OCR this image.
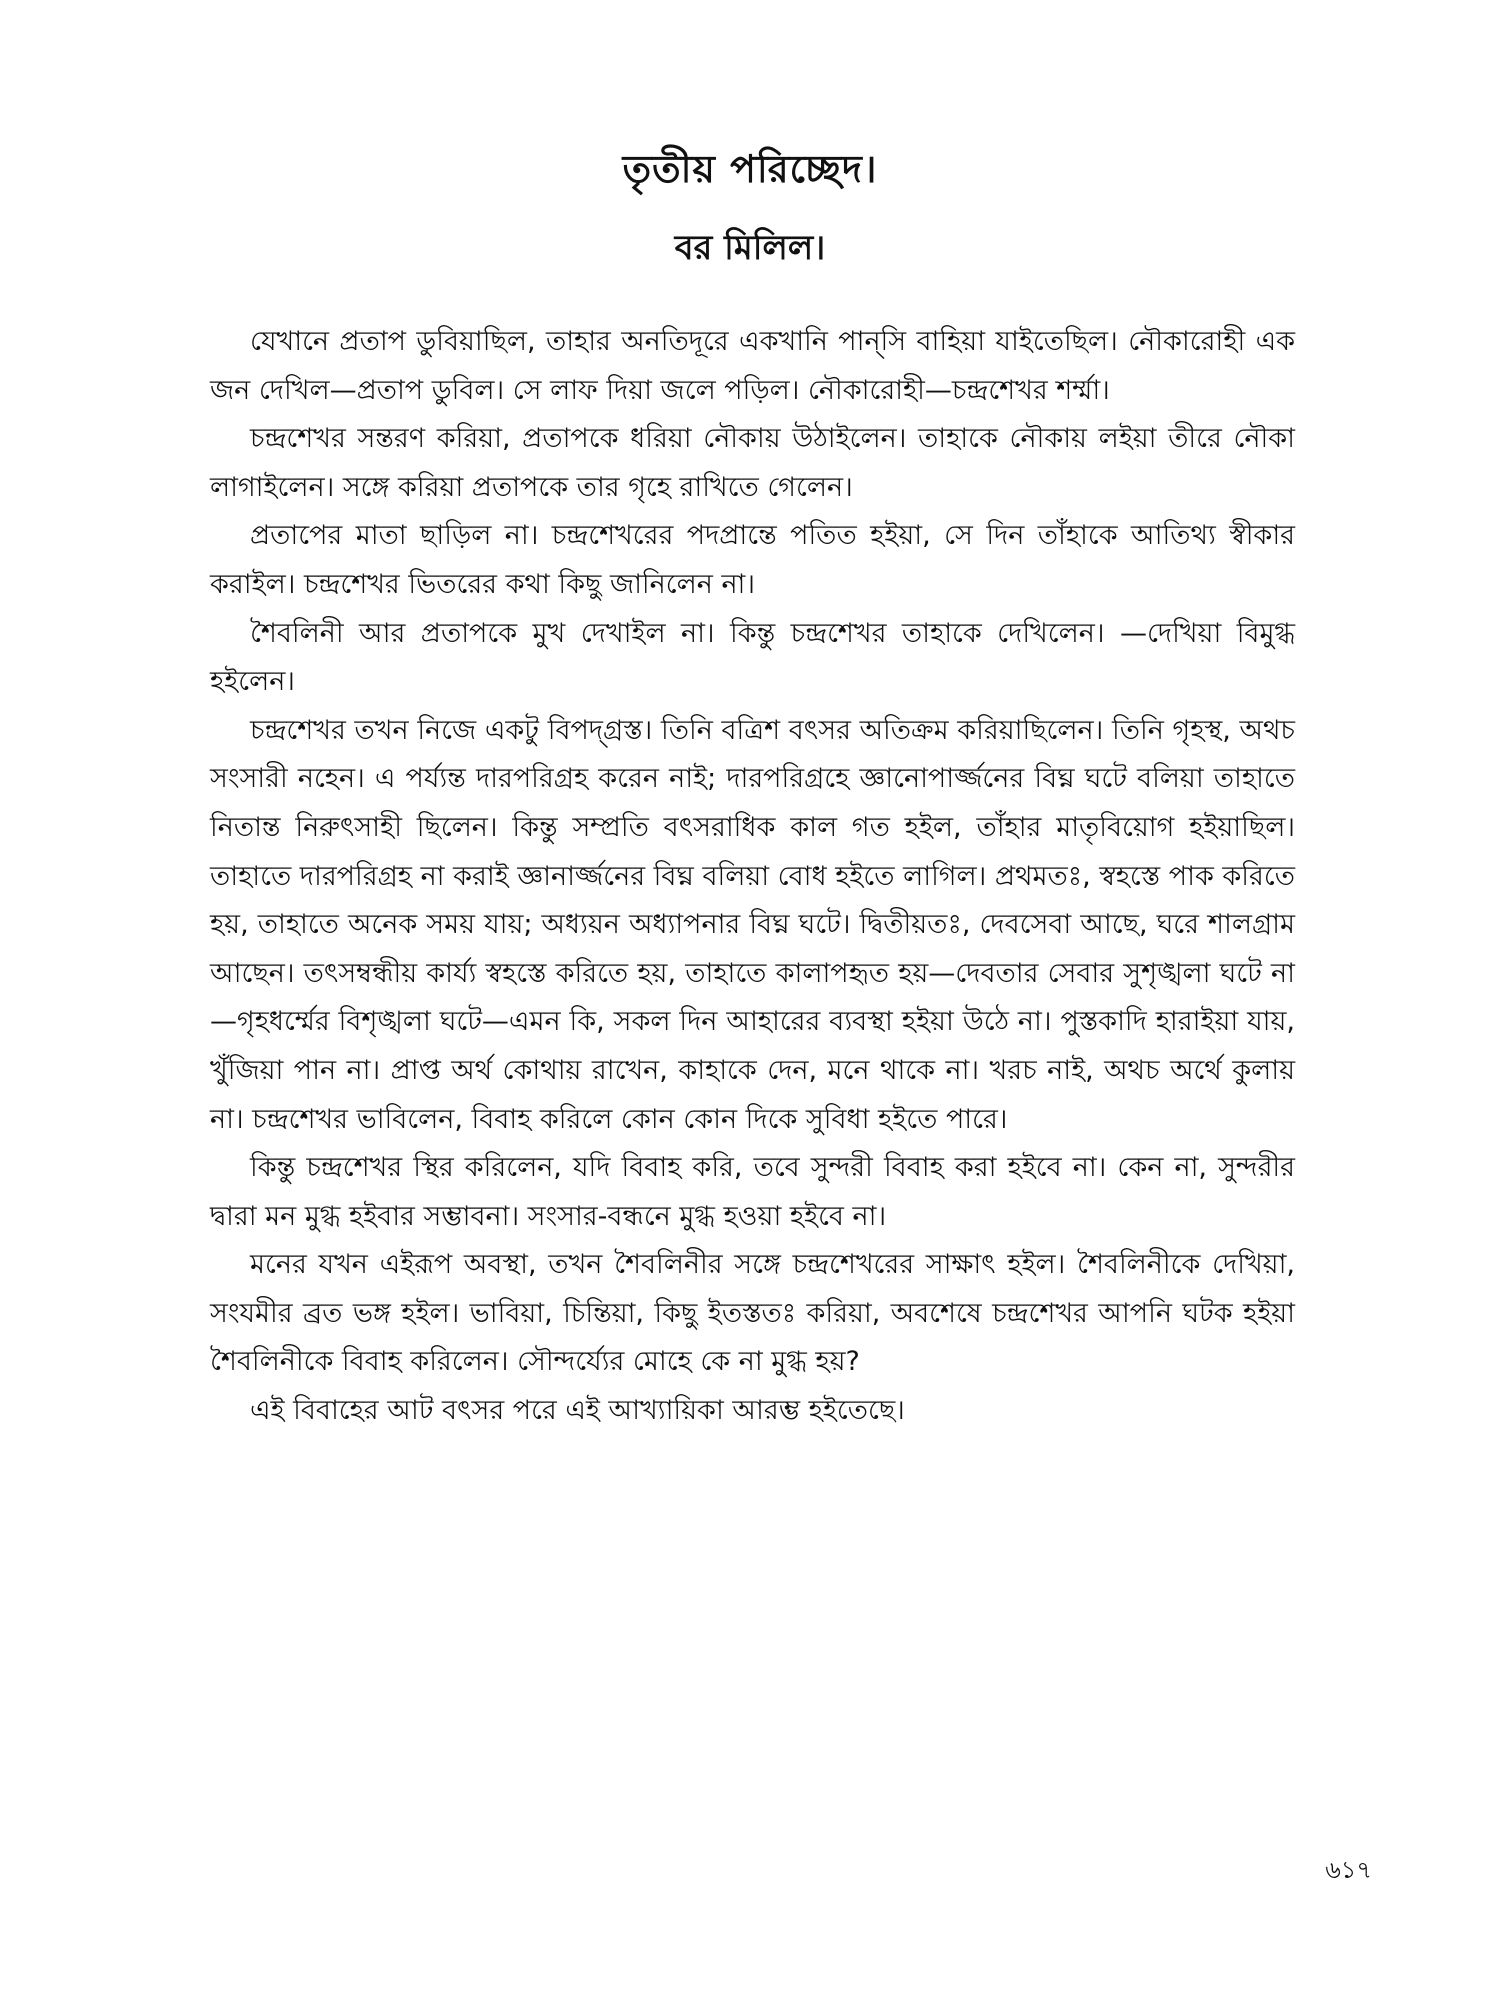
তৃতীয় পরিচ্ছেদ।
বর মিলিল।

যেখানে প্রতাপ ডুবিয়াছিল, তাহার অনতিদূরে একখানি পান্‌সি বাহিয়া যাইতেছিল। নৌকারোহী এক জন দেখিল—প্রতাপ ডুবিল। সে লাফ দিয়া জলে পড়িল। নৌকারোহী—চন্দ্রশেখর শর্ম্মা।

চন্দ্রশেখর সন্তরণ করিয়া, প্রতাপকে ধরিয়া নৌকায় উঠাইলেন। তাহাকে নৌকায় লইয়া তীরে নৌকা লাগাইলেন। সঙ্গে করিয়া প্রতাপকে তার গৃহে রাখিতে গেলেন।

প্রতাপের মাতা ছাড়িল না। চন্দ্রশেখরের পদপ্রান্তে পতিত হইয়া, সে দিন তাঁহাকে আতিথ্য স্বীকার করাইল। চন্দ্রশেখর ভিতরের কথা কিছু জানিলেন না।

শৈবলিনী আর প্রতাপকে মুখ দেখাইল না। কিন্তু চন্দ্রশেখর তাহাকে দেখিলেন। —দেখিয়া বিমুগ্ধ হইলেন।

চন্দ্রশেখর তখন নিজে একটু বিপদ্‌গ্রস্ত। তিনি বত্রিশ বৎসর অতিক্রম করিয়াছিলেন। তিনি গৃহস্থ, অথচ সংসারী নহেন। এ পর্য্যন্ত দারপরিগ্রহ করেন নাই; দারপরিগ্রহে জ্ঞানোপার্জ্জনের বিঘ্ন ঘটে বলিয়া তাহাতে নিতান্ত নিরুৎসাহী ছিলেন। কিন্তু সম্প্রতি বৎসরাধিক কাল গত হইল, তাঁহার মাতৃবিয়োগ হইয়াছিল। তাহাতে দারপরিগ্রহ না করাই জ্ঞানার্জ্জনের বিঘ্ন বলিয়া বোধ হইতে লাগিল। প্রথমতঃ, স্বহস্তে পাক করিতে হয়, তাহাতে অনেক সময় যায়; অধ্যয়ন অধ্যাপনার বিঘ্ন ঘটে। দ্বিতীয়তঃ, দেবসেবা আছে, ঘরে শালগ্রাম আছেন। তৎসম্বন্ধীয় কার্য্য স্বহস্তে করিতে হয়, তাহাতে কালাপহৃত হয়—দেবতার সেবার সুশৃঙ্খলা ঘটে না—গৃহধর্ম্মের বিশৃঙ্খলা ঘটে—এমন কি, সকল দিন আহারের ব্যবস্থা হইয়া উঠে না। পুস্তকাদি হারাইয়া যায়, খুঁজিয়া পান না। প্রাপ্ত অর্থ কোথায় রাখেন, কাহাকে দেন, মনে থাকে না। খরচ নাই, অথচ অর্থে কুলায় না। চন্দ্রশেখর ভাবিলেন, বিবাহ করিলে কোন কোন দিকে সুবিধা হইতে পারে।

কিন্তু চন্দ্রশেখর স্থির করিলেন, যদি বিবাহ করি, তবে সুন্দরী বিবাহ করা হইবে না। কেন না, সুন্দরীর দ্বারা মন মুগ্ধ হইবার সম্ভাবনা। সংসার-বন্ধনে মুগ্ধ হওয়া হইবে না।

মনের যখন এইরূপ অবস্থা, তখন শৈবলিনীর সঙ্গে চন্দ্রশেখরের সাক্ষাৎ হইল। শৈবলিনীকে দেখিয়া, সংযমীর ব্রত ভঙ্গ হইল। ভাবিয়া, চিন্তিয়া, কিছু ইতস্ততঃ করিয়া, অবশেষে চন্দ্রশেখর আপনি ঘটক হইয়া শৈবলিনীকে বিবাহ করিলেন। সৌন্দর্য্যের মোহে কে না মুগ্ধ হয়?

এই বিবাহের আট বৎসর পরে এই আখ্যায়িকা আরম্ভ হইতেছে।

৬১৭
